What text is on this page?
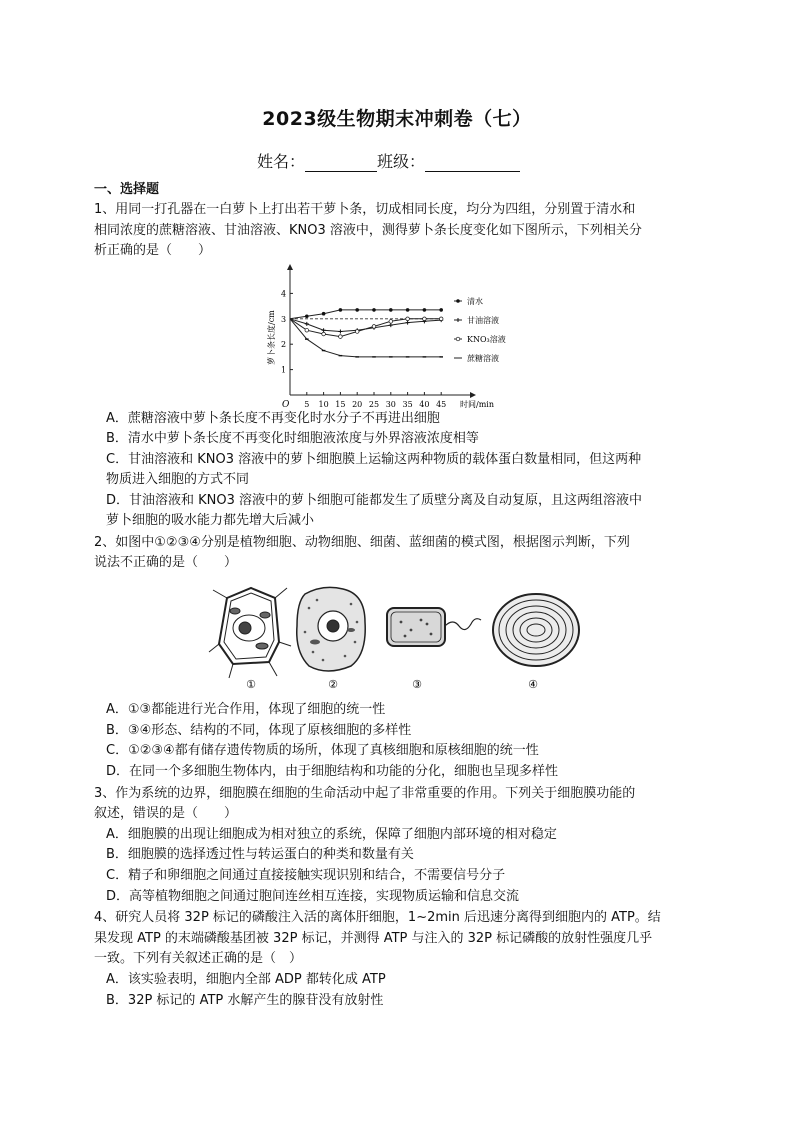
2023级生物期末冲刺卷（七）
姓名：	班级：
一、选择题
1、用同一打孔器在一白萝卜上打出若干萝卜条，切成相同长度，均分为四组，分别置于清水和
相同浓度的蔗糖溶液、甘油溶液、KNO3 溶液中，测得萝卜条长度变化如下图所示，下列相关分
析正确的是（　　）
萝卜条长度/cm
O
1
2
3
4
5 10 15 20 25 30 35 40 45 时间/min
清水
甘油溶液
KNO₃溶液
蔗糖溶液
A．蔗糖溶液中萝卜条长度不再变化时水分子不再进出细胞
B．清水中萝卜条长度不再变化时细胞液浓度与外界溶液浓度相等
C．甘油溶液和 KNO3 溶液中的萝卜细胞膜上运输这两种物质的载体蛋白数量相同，但这两种
物质进入细胞的方式不同
D．甘油溶液和 KNO3 溶液中的萝卜细胞可能都发生了质壁分离及自动复原，且这两组溶液中
萝卜细胞的吸水能力都先增大后减小
2、如图中①②③④分别是植物细胞、动物细胞、细菌、蓝细菌的模式图，根据图示判断，下列
说法不正确的是（　　）
①	②	③	④
A．①③都能进行光合作用，体现了细胞的统一性
B．③④形态、结构的不同，体现了原核细胞的多样性
C．①②③④都有储存遗传物质的场所，体现了真核细胞和原核细胞的统一性
D．在同一个多细胞生物体内，由于细胞结构和功能的分化，细胞也呈现多样性
3、作为系统的边界，细胞膜在细胞的生命活动中起了非常重要的作用。下列关于细胞膜功能的
叙述，错误的是（　　）
A．细胞膜的出现让细胞成为相对独立的系统，保障了细胞内部环境的相对稳定
B．细胞膜的选择透过性与转运蛋白的种类和数量有关
C．精子和卵细胞之间通过直接接触实现识别和结合，不需要信号分子
D．高等植物细胞之间通过胞间连丝相互连接，实现物质运输和信息交流
4、研究人员将 32P 标记的磷酸注入活的离体肝细胞，1~2min 后迅速分离得到细胞内的 ATP。结
果发现 ATP 的末端磷酸基团被 32P 标记，并测得 ATP 与注入的 32P 标记磷酸的放射性强度几乎
一致。下列有关叙述正确的是（　）
A．该实验表明，细胞内全部 ADP 都转化成 ATP
B．32P 标记的 ATP 水解产生的腺苷没有放射性
